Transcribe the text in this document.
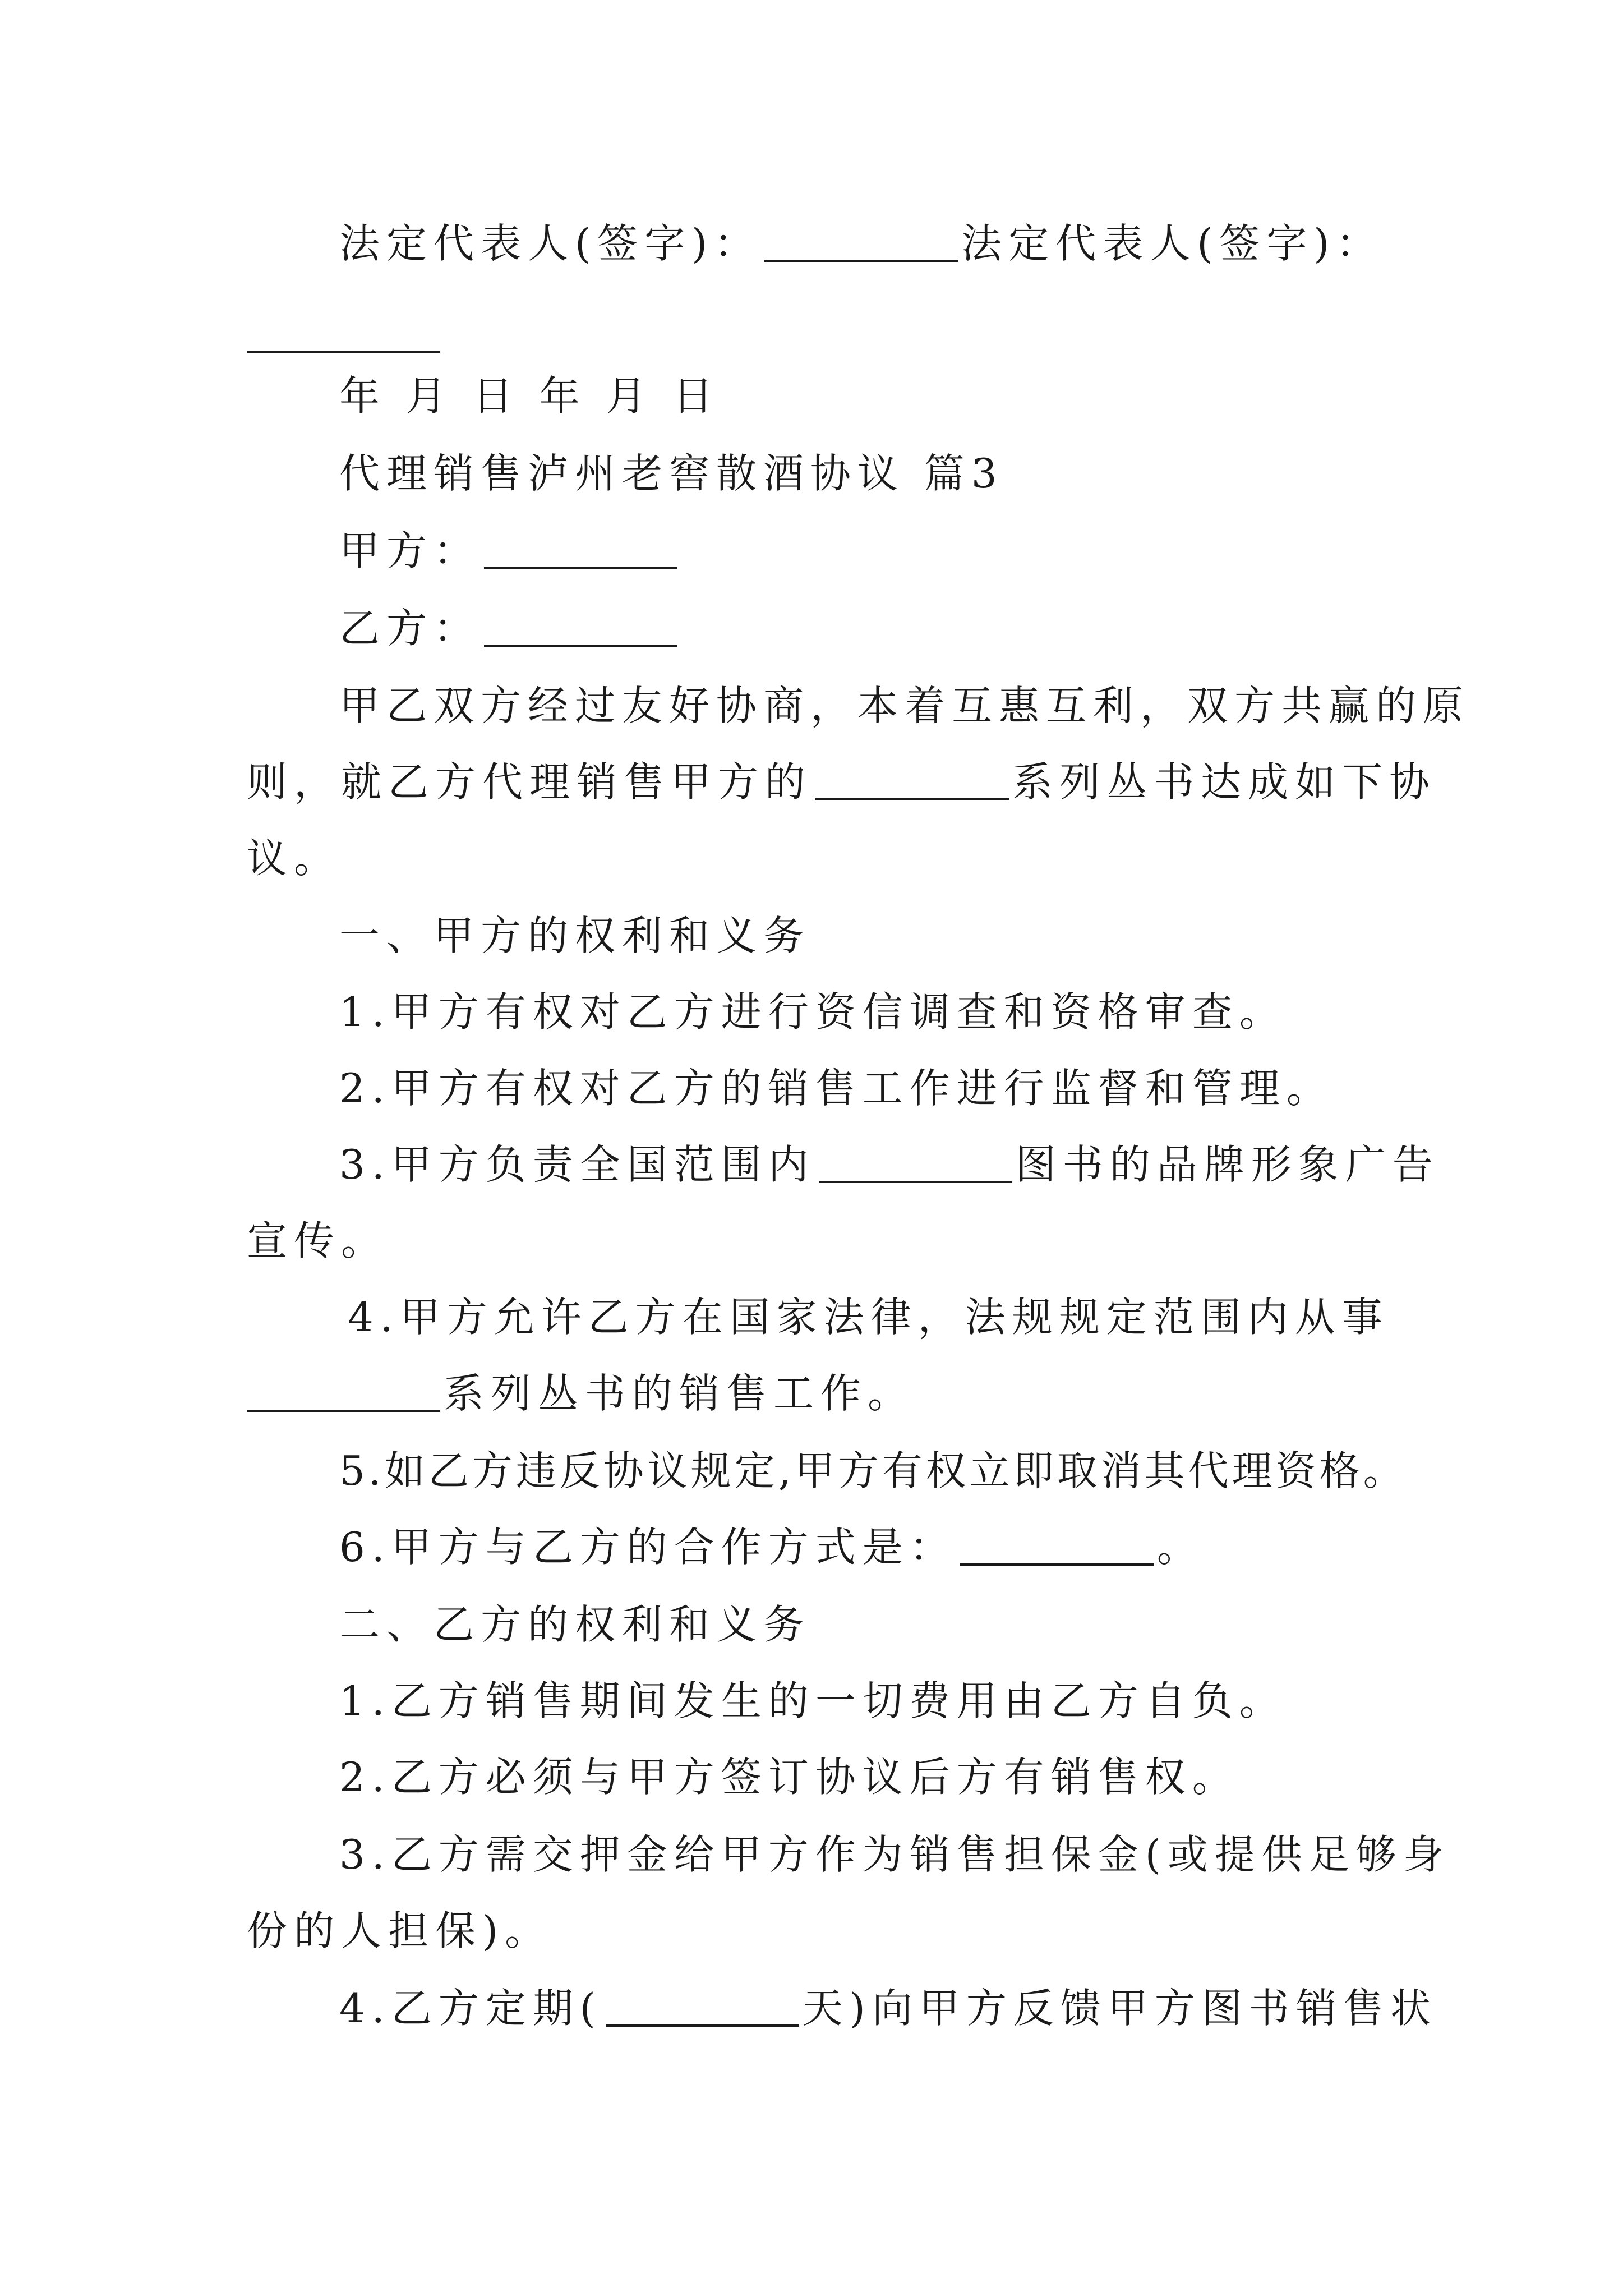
法定代表人(签字)：	法定代表人(签字)：
年 月 日 年 月 日
代理销售泸州老窖散酒协议 篇3
甲方：
乙方：
甲乙双方经过友好协商，本着互惠互利，双方共赢的原
则，就乙方代理销售甲方的	系列丛书达成如下协
议。
一、甲方的权利和义务
1.甲方有权对乙方进行资信调查和资格审查。
2.甲方有权对乙方的销售工作进行监督和管理。
3.甲方负责全国范围内	图书的品牌形象广告
宣传。
4.甲方允许乙方在国家法律，法规规定范围内从事
系列丛书的销售工作。
5.如乙方违反协议规定,甲方有权立即取消其代理资格。
6.甲方与乙方的合作方式是：	。
二、乙方的权利和义务
1.乙方销售期间发生的一切费用由乙方自负。
2.乙方必须与甲方签订协议后方有销售权。
3.乙方需交押金给甲方作为销售担保金(或提供足够身
份的人担保)。
4.乙方定期(	天)向甲方反馈甲方图书销售状
